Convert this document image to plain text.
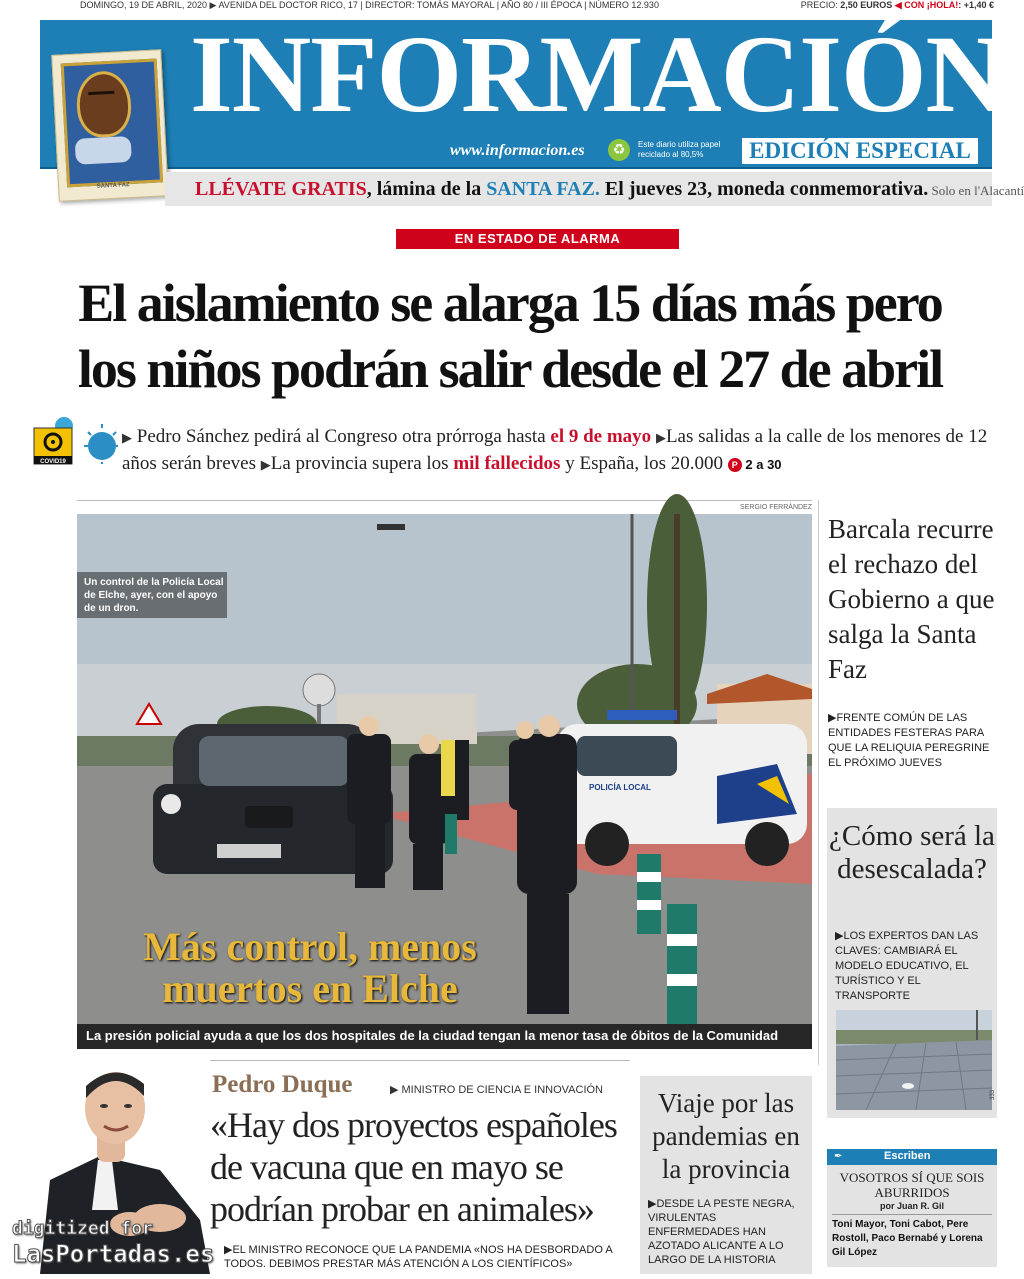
DOMINGO, 19 DE ABRIL, 2020 ▶ AVENIDA DEL DOCTOR RICO, 17 | DIRECTOR: TOMÁS MAYORAL | AÑO 80 / III ÉPOCA | NÚMERO 12.930	PRECIO: 2,50 EUROS ◀ CON ¡HOLA!: +1,40 €
INFORMACIÓN
www.informacion.es	♻	Este diario utiliza papel reciclado al 80,5%	EDICIÓN ESPECIAL
SANTA FAZ	LLÉVATE GRATIS, lámina de la SANTA FAZ. El jueves 23, moneda conmemorativa. Solo en l'Alacantí
EN ESTADO DE ALARMA
El aislamiento se alarga 15 días más pero
los niños podrán salir desde el 27 de abril
COVID19
▶ Pedro Sánchez pedirá al Congreso otra prórroga hasta el 9 de mayo ▶Las salidas a la calle de los menores de 12 años serán breves ▶La provincia supera los mil fallecidos y España, los 20.000 P 2 a 30
SERGIO FERRÁNDEZ
POLICÍA LOCAL
Un control de la Policía Local de Elche, ayer, con el apoyo de un dron.
Más control, menos
muertos en Elche
La presión policial ayuda a que los dos hospitales de la ciudad tengan la menor tasa de óbitos de la Comunidad
Barcala recurre el rechazo del Gobierno a que salga la Santa Faz
▶FRENTE COMÚN DE LAS ENTIDADES FESTERAS PARA QUE LA RELIQUIA PEREGRINE EL PRÓXIMO JUEVES
¿Cómo será la desescalada?
▶LOS EXPERTOS DAN LAS CLAVES: CAMBIARÁ EL MODELO EDUCATIVO, EL TURÍSTICO Y EL TRANSPORTE
333
✒	Escriben
VOSOTROS SÍ QUE SOIS ABURRIDOS
por Juan R. Gil
Toni Mayor, Toni Cabot, Pere Rostoll, Paco Bernabé y Lorena Gil López
Pedro Duque	▶ MINISTRO DE CIENCIA E INNOVACIÓN
«Hay dos proyectos españoles de vacuna que en mayo se podrían probar en animales»
▶EL MINISTRO RECONOCE QUE LA PANDEMIA «NOS HA DESBORDADO A TODOS. DEBIMOS PRESTAR MÁS ATENCIÓN A LOS CIENTÍFICOS»
Viaje por las pandemias en la provincia
▶DESDE LA PESTE NEGRA, VIRULENTAS ENFERMEDADES HAN AZOTADO ALICANTE A LO LARGO DE LA HISTORIA
digitized for
LasPortadas.es
